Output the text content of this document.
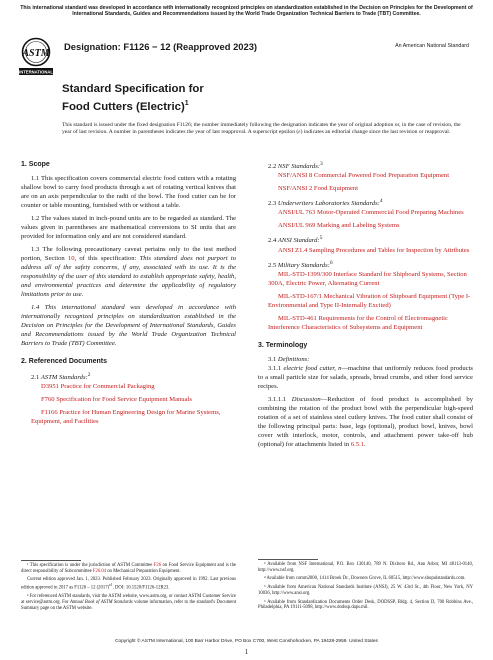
This international standard was developed in accordance with internationally recognized principles on standardization established in the Decision on Principles for the Development of International Standards, Guides and Recommendations issued by the World Trade Organization Technical Barriers to Trade (TBT) Committee.
ASTM
INTERNATIONAL
Designation: F1126 − 12 (Reapproved 2023)	An American National Standard
Standard Specification for
Food Cutters (Electric)$^1$
This standard is issued under the fixed designation F1126; the number immediately following the designation indicates the year of original adoption or, in the case of revision, the year of last revision. A number in parentheses indicates the year of last reapproval. A superscript epsilon (ε) indicates an editorial change since the last revision or reapproval.
1. Scope

1.1 This specification covers commercial electric food cutters with a rotating shallow bowl to carry food products through a set of rotating vertical knives that are on an axis perpendicular to the radii of the bowl. The food cutter can be for counter or table mounting, furnished with or without a table.

1.2 The values stated in inch-pound units are to be regarded as standard. The values given in parentheses are mathematical conversions to SI units that are provided for information only and are not considered standard.

1.3 The following precautionary caveat pertains only to the test method portion, Section 10, of this specification: This standard does not purport to address all of the safety concerns, if any, associated with its use. It is the responsibility of the user of this standard to establish appropriate safety, health, and environmental practices and determine the applicability of regulatory limitations prior to use.

1.4 This international standard was developed in accordance with internationally recognized principles on standardization established in the Decision on Principles for the Development of International Standards, Guides and Recommendations issued by the World Trade Organization Technical Barriers to Trade (TBT) Committee.

2. Referenced Documents

2.1 ASTM Standards:$^2$

D3951 Practice for Commercial Packaging

F760 Specification for Food Service Equipment Manuals

F1166 Practice for Human Engineering Design for Marine Systems, Equipment, and Facilities

2.2 NSF Standards:$^3$

NSF/ANSI 8 Commercial Powered Food Preparation Equipment

NSF/ANSI 2 Food Equipment

2.3 Underwriters Laboratories Standards:$^4$

ANSI/UL 763 Motor-Operated Commercial Food Preparing Machines

ANSI/UL 969 Marking and Labeling Systems

2.4 ANSI Standard:$^5$

ANSI Z1.4 Sampling Procedures and Tables for Inspection by Attributes

2.5 Military Standards:$^6$

MIL-STD-1399/300 Interface Standard for Shipboard Systems, Section 300A, Electric Power, Alternating Current

MIL-STD-167/1 Mechanical Vibration of Shipboard Equipment (Type I-Environmental and Type II-Internally Excited)

MIL-STD-461 Requirements for the Control of Electromagnetic Interference Characteristics of Subsystems and Equipment

3. Terminology

3.1 Definitions:

3.1.1 electric food cutter, n—machine that uniformly reduces food products to a small particle size for salads, spreads, bread crumbs, and other food service recipes.

3.1.1.1 Discussion—Reduction of food product is accomplished by combining the rotation of the product bowl with the perpendicular high-speed rotation of a set of stainless steel cutlery knives. The food cutter shall consist of the following principal parts: base, legs (optional), product bowl, knives, bowl cover with interlock, motor, controls, and attachment power take-off hub (optional) for attachments listed in 6.5.1.

¹ This specification is under the jurisdiction of ASTM Committee F26 on Food Service Equipment and is the direct responsibility of Subcommittee F26.04 on Mechanical Preparation Equipment.

Current edition approved Jan. 1, 2023. Published February 2023. Originally approved in 1992. Last previous edition approved in 2017 as F1126 – 12 $(2017)^{\varepsilon 1}$. DOI: 10.1520/F1126-12R23.

² For referenced ASTM standards, visit the ASTM website, www.astm.org, or contact ASTM Customer Service at service@astm.org. For Annual Book of ASTM Standards volume information, refer to the standard's Document Summary page on the ASTM website.

³ Available from NSF International, P.O. Box 130140, 789 N. Dixboro Rd., Ann Arbor, MI 48113-0140, http://www.nsf.org.

⁴ Available from comm2000, 1414 Brook Dr., Downers Grove, IL 60515, http://www.shopulstandards.com.

⁵ Available from American National Standards Institute (ANSI), 25 W. 43rd St., 4th Floor, New York, NY 10036, http://www.ansi.org.

⁶ Available from Standardization Documents Order Desk, DODSSP, Bldg. 4, Section D, 700 Robbins Ave., Philadelphia, PA 19111-5098, http://www.dodssp.daps.mil.

Copyright © ASTM International, 100 Barr Harbor Drive, PO Box C700, West Conshohocken, PA 19428-2959. United States
1
